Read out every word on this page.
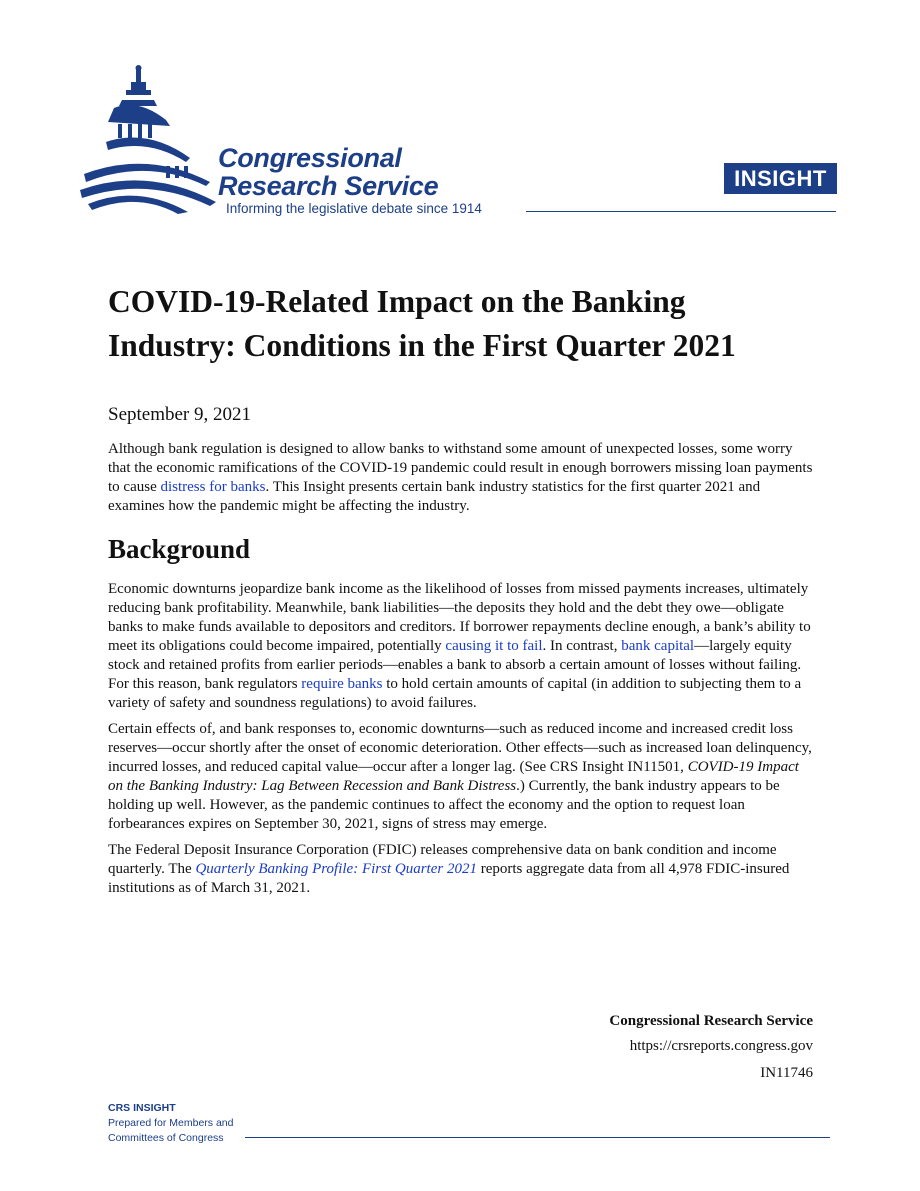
Congressional
Research Service
Informing the legislative debate since 1914
INSIGHT
COVID-19-Related Impact on the Banking
Industry: Conditions in the First Quarter 2021
September 9, 2021

Although bank regulation is designed to allow banks to withstand some amount of unexpected losses, some worry that the economic ramifications of the COVID-19 pandemic could result in enough borrowers missing loan payments to cause distress for banks. This Insight presents certain bank industry statistics for the first quarter 2021 and examines how the pandemic might be affecting the industry.

Background

Economic downturns jeopardize bank income as the likelihood of losses from missed payments increases, ultimately reducing bank profitability. Meanwhile, bank liabilities—the deposits they hold and the debt they owe—obligate banks to make funds available to depositors and creditors. If borrower repayments decline enough, a bank’s ability to meet its obligations could become impaired, potentially causing it to fail. In contrast, bank capital—largely equity stock and retained profits from earlier periods—enables a bank to absorb a certain amount of losses without failing. For this reason, bank regulators require banks to hold certain amounts of capital (in addition to subjecting them to a variety of safety and soundness regulations) to avoid failures.

Certain effects of, and bank responses to, economic downturns—such as reduced income and increased credit loss reserves—occur shortly after the onset of economic deterioration. Other effects—such as increased loan delinquency, incurred losses, and reduced capital value—occur after a longer lag. (See CRS Insight IN11501, COVID-19 Impact on the Banking Industry: Lag Between Recession and Bank Distress.) Currently, the bank industry appears to be holding up well. However, as the pandemic continues to affect the economy and the option to request loan forbearances expires on September 30, 2021, signs of stress may emerge.

The Federal Deposit Insurance Corporation (FDIC) releases comprehensive data on bank condition and income quarterly. The Quarterly Banking Profile: First Quarter 2021 reports aggregate data from all 4,978 FDIC-insured institutions as of March 31, 2021.

Congressional Research Service
https://crsreports.congress.gov
IN11746
CRS INSIGHT
Prepared for Members and
Committees of Congress
